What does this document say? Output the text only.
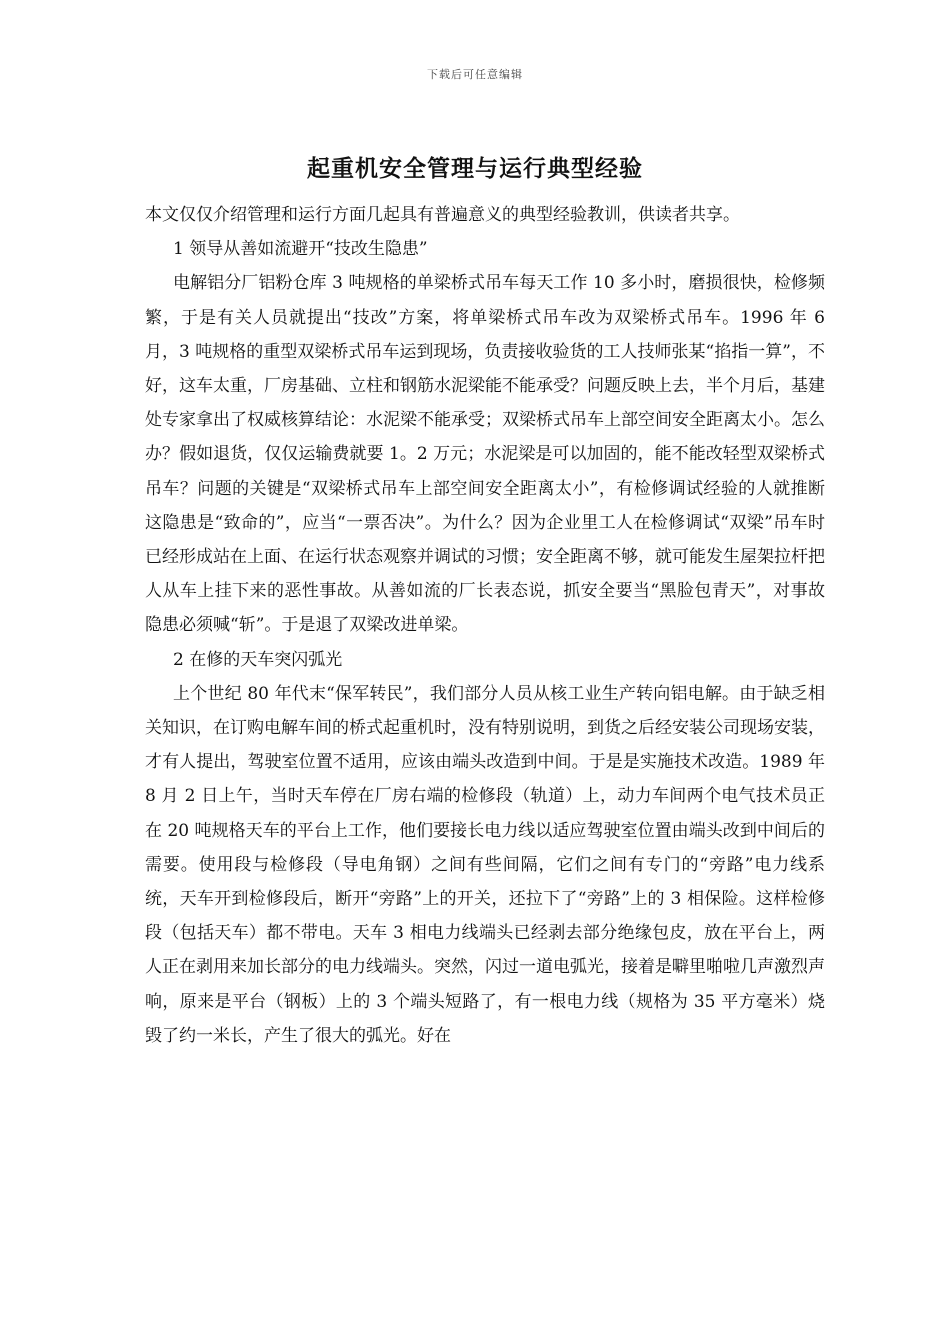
下载后可任意编辑
起重机安全管理与运行典型经验

本文仅仅介绍管理和运行方面几起具有普遍意义的典型经验教训，供读者共享。

1 领导从善如流避开“技改生隐患”

电解铝分厂铝粉仓库 3 吨规格的单梁桥式吊车每天工作 10 多小时，磨损很快，检修频繁，于是有关人员就提出“技改”方案，将单梁桥式吊车改为双梁桥式吊车。1996 年 6 月，3 吨规格的重型双梁桥式吊车运到现场，负责接收验货的工人技师张某“掐指一算”，不好，这车太重，厂房基础、立柱和钢筋水泥梁能不能承受？问题反映上去，半个月后，基建处专家拿出了权威核算结论：水泥梁不能承受；双梁桥式吊车上部空间安全距离太小。怎么办？假如退货，仅仅运输费就要 1。2 万元；水泥梁是可以加固的，能不能改轻型双梁桥式吊车？问题的关键是“双梁桥式吊车上部空间安全距离太小”，有检修调试经验的人就推断这隐患是“致命的”，应当“一票否决”。为什么？因为企业里工人在检修调试“双梁”吊车时已经形成站在上面、在运行状态观察并调试的习惯；安全距离不够，就可能发生屋架拉杆把人从车上挂下来的恶性事故。从善如流的厂长表态说，抓安全要当“黑脸包青天”，对事故隐患必须喊“斩”。于是退了双梁改进单梁。

2 在修的天车突闪弧光

上个世纪 80 年代末“保军转民”，我们部分人员从核工业生产转向铝电解。由于缺乏相关知识，在订购电解车间的桥式起重机时，没有特别说明，到货之后经安装公司现场安装，才有人提出，驾驶室位置不适用，应该由端头改造到中间。于是是实施技术改造。1989 年 8 月 2 日上午，当时天车停在厂房右端的检修段（轨道）上，动力车间两个电气技术员正在 20 吨规格天车的平台上工作，他们要接长电力线以适应驾驶室位置由端头改到中间后的需要。使用段与检修段（导电角钢）之间有些间隔，它们之间有专门的“旁路”电力线系统，天车开到检修段后，断开“旁路”上的开关，还拉下了“旁路”上的 3 相保险。这样检修段（包括天车）都不带电。天车 3 相电力线端头已经剥去部分绝缘包皮，放在平台上，两人正在剥用来加长部分的电力线端头。突然，闪过一道电弧光，接着是噼里啪啦几声激烈声响，原来是平台（钢板）上的 3 个端头短路了，有一根电力线（规格为 35 平方毫米）烧毁了约一米长，产生了很大的弧光。好在
